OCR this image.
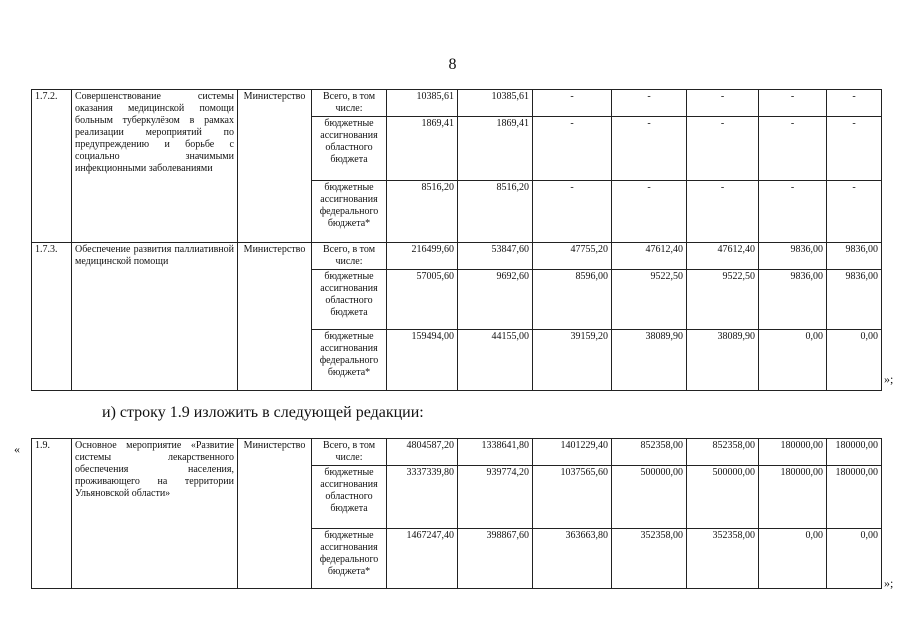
8
1.7.2.	Совершенствование системы оказания медицинской помощи больным туберкулёзом в рамках реализации мероприятий по предупреждению и борьбе с социально значимыми инфекционными заболеваниями	Министерство	Всего, в том числе:	10385,61	10385,61	-	-	-	-	-
			бюджетные ассигнования областного бюджета	1869,41	1869,41	-	-	-	-	-
			бюджетные ассигнования федерального бюджета*	8516,20	8516,20	-	-	-	-	-
1.7.3.	Обеспечение развития паллиативной медицинской помощи	Министерство	Всего, в том числе:	216499,60	53847,60	47755,20	47612,40	47612,40	9836,00	9836,00
			бюджетные ассигнования областного бюджета	57005,60	9692,60	8596,00	9522,50	9522,50	9836,00	9836,00
			бюджетные ассигнования федерального бюджета*	159494,00	44155,00	39159,20	38089,90	38089,90	0,00	0,00
»;
и) строку 1.9 изложить в следующей редакции:
« 1.9.	Основное мероприятие «Развитие системы лекарственного обеспечения населения, проживающего на территории Ульяновской области»	Министерство	Всего, в том числе:	4804587,20	1338641,80	1401229,40	852358,00	852358,00	180000,00	180000,00
			бюджетные ассигнования областного бюджета	3337339,80	939774,20	1037565,60	500000,00	500000,00	180000,00	180000,00
			бюджетные ассигнования федерального бюджета*	1467247,40	398867,60	363663,80	352358,00	352358,00	0,00	0,00
»;
